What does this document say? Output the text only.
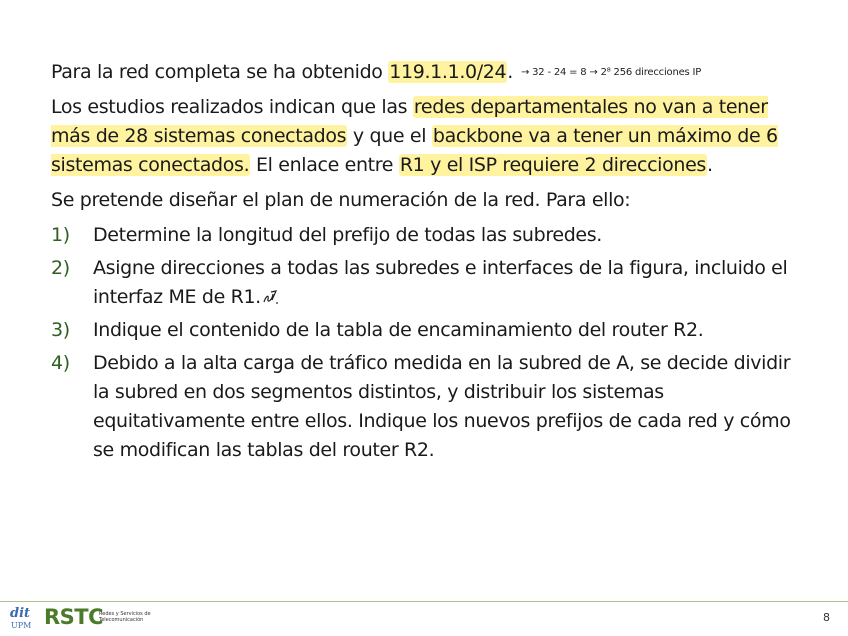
Para la red completa se ha obtenido 119.1.1.0/24. → 32 - 24 = 8 → 2⁸ 256 direcciones IP

Los estudios realizados indican que las redes departamentales no van a tener más de 28 sistemas conectados y que el backbone va a tener un máximo de 6 sistemas conectados. El enlace entre R1 y el ISP requiere 2 direcciones.

Se pretende diseñar el plan de numeración de la red. Para ello:

1) Determine la longitud del prefijo de todas las subredes.
2) Asigne direcciones a todas las subredes e interfaces de la figura, incluido el interfaz ME de R1.
3) Indique el contenido de la tabla de encaminamiento del router R2.
4) Debido a la alta carga de tráfico medida en la subred de A, se decide dividir la subred en dos segmentos distintos, y distribuir los sistemas equitativamente entre ellos. Indique los nuevos prefijos de cada red y cómo se modifican las tablas del router R2.
dit
UPM RSTC
Redes y Servicios de Telecomunicación	8
